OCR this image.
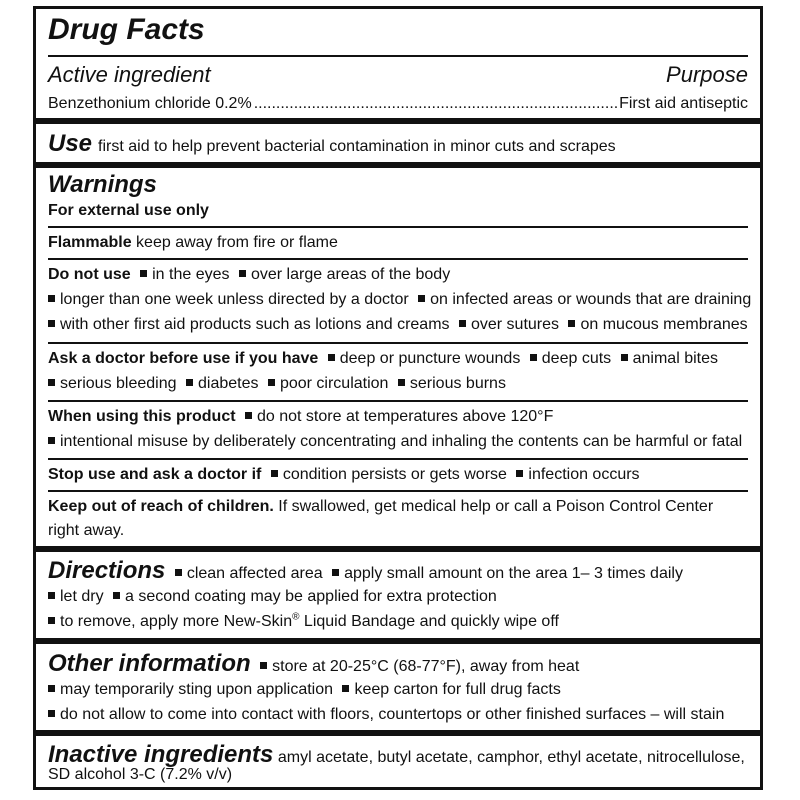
Drug Facts
Active ingredient	Purpose
Benzethonium chloride 0.2%
.....	First aid antiseptic
Use first aid to help prevent bacterial contamination in minor cuts and scrapes
Warnings
For external use only
Flammable keep away from fire or flame
Do not use in the eyes over large areas of the body
longer than one week unless directed by a doctor on infected areas or wounds that are draining
with other first aid products such as lotions and creams over sutures on mucous membranes
Ask a doctor before use if you have deep or puncture wounds deep cuts animal bites
serious bleeding diabetes poor circulation serious burns
When using this product do not store at temperatures above 120°F
intentional misuse by deliberately concentrating and inhaling the contents can be harmful or fatal
Stop use and ask a doctor if condition persists or gets worse infection occurs
Keep out of reach of children. If swallowed, get medical help or call a Poison Control Center
right away.
Directions clean affected area apply small amount on the area 1– 3 times daily
let dry a second coating may be applied for extra protection
to remove, apply more New-Skin® Liquid Bandage and quickly wipe off
Other information store at 20-25°C (68-77°F), away from heat
may temporarily sting upon application keep carton for full drug facts
do not allow to come into contact with floors, countertops or other finished surfaces – will stain
Inactive ingredients amyl acetate, butyl acetate, camphor, ethyl acetate, nitrocellulose,
SD alcohol 3-C (7.2% v/v)
